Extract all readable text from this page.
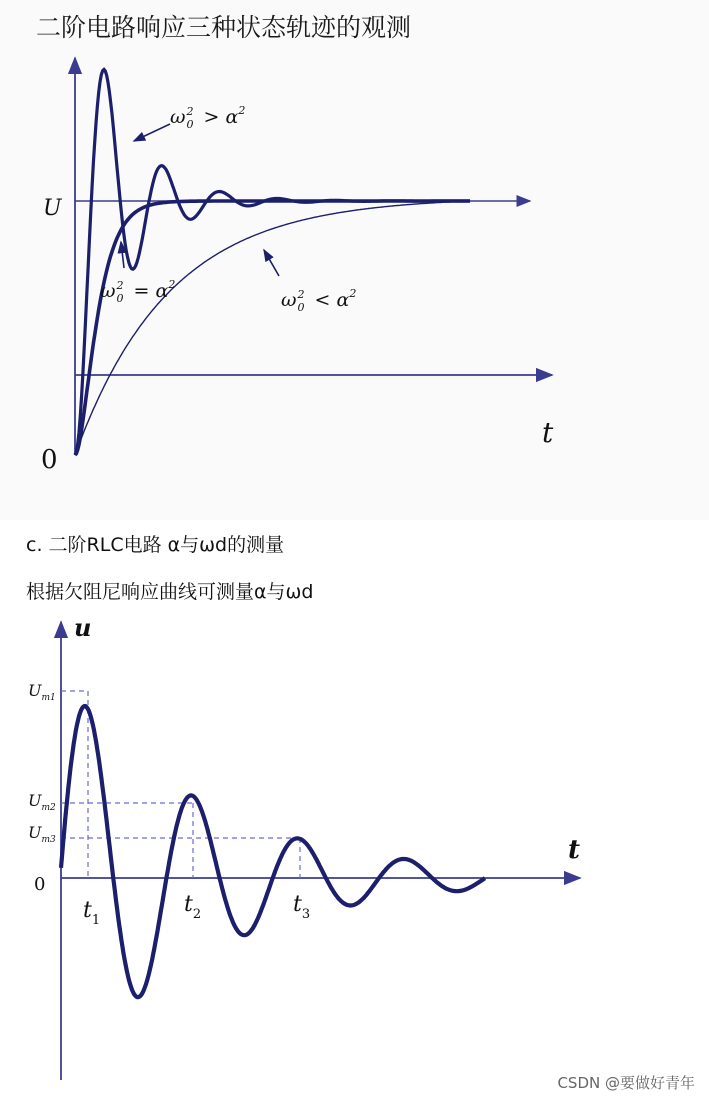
二阶电路响应三种状态轨迹的观测
c. 二阶RLC电路 α与ωd的测量
根据欠阻尼响应曲线可测量α与ωd
U
0
t
$\omega^2$ $0 > \alpha^2$
$\omega^2$ $0 = \alpha^2$
$\omega^2$ $0 < \alpha^2$
u
t
0
$U_{m1}$
$U_{m2}$
$U_{m3}$
$t_1$
$t_2$	$t_3$
CSDN @要做好青年
